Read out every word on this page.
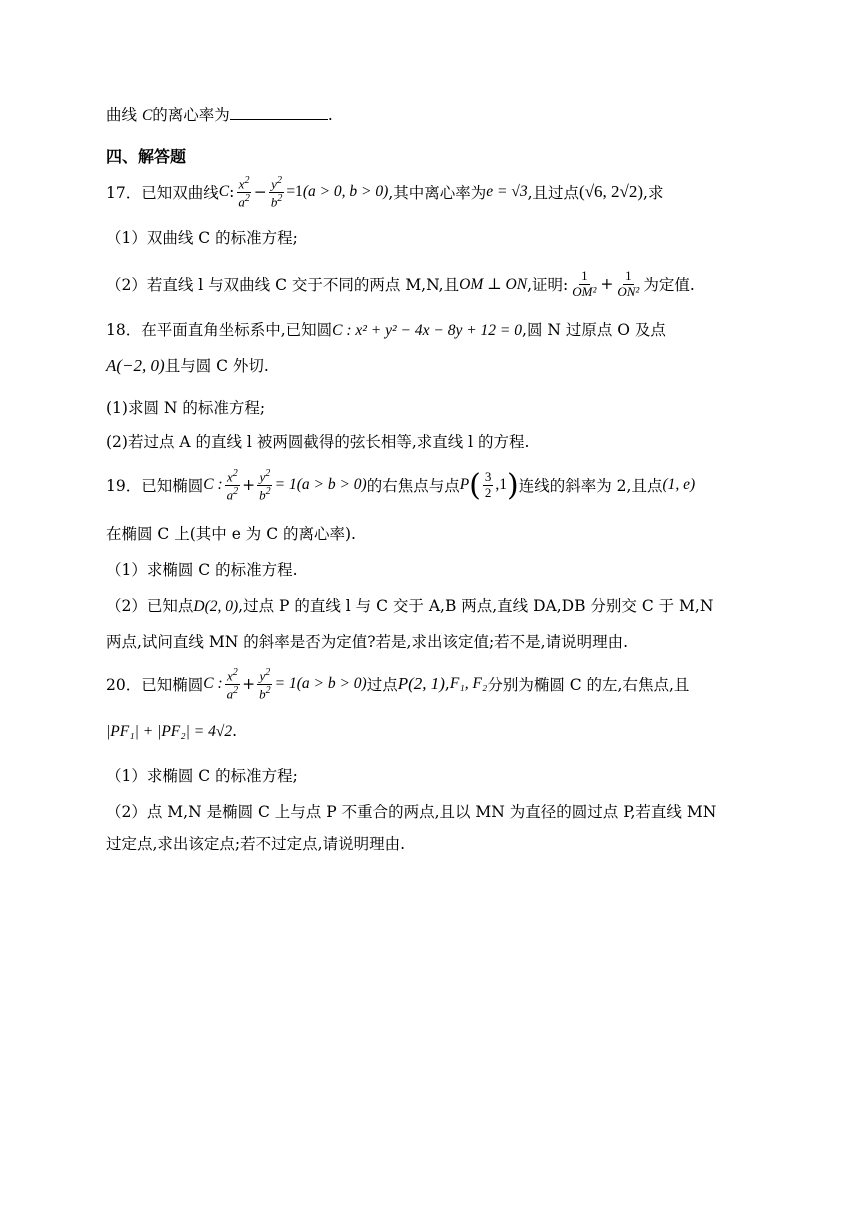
曲线 C的离心率为	.
四、解答题
17．已知双曲线 C : $\frac{x^2}{a^2} - \frac{y^2}{b^2} =1$ (a > 0, b > 0) ,其中离心率为 e = √3 ,且过点 (√6, 2√2) ,求
（1）双曲线 C 的标准方程;
（2）若直线 l 与双曲线 C 交于不同的两点 M,N,且 OM ⊥ ON ,证明: $\frac{1}{\text{OM²}} + \frac{1}{\text{ON²}}$ 为定值.
18．在平面直角坐标系中,已知圆C : x² + y² − 4x − 8y + 12 = 0,圆 N 过原点 O 及点
A(−2, 0)且与圆 C 外切.
(1)求圆 N 的标准方程;
(2)若过点 A 的直线 l 被两圆截得的弦长相等,求直线 l 的方程.
19．已知椭圆 C : $\frac{x^2}{a^2} + \frac{y^2}{b^2} = 1(a > b > 0)$ 的右焦点与点 P ( $\frac{3}{2} ,1$ ) 连线的斜率为 2,且点 (1, e)
在椭圆 C 上(其中 e 为 C 的离心率).
（1）求椭圆 C 的标准方程.
（2）已知点D(2, 0),过点 P 的直线 l 与 C 交于 A,B 两点,直线 DA,DB 分别交 C 于 M,N
两点,试问直线 MN 的斜率是否为定值?若是,求出该定值;若不是,请说明理由.
20．已知椭圆 C : $\frac{x^2}{a^2} + \frac{y^2}{b^2} = 1(a > b > 0)$ 过点 P(2, 1) , F₁, F₂ 分别为椭圆 C 的左,右焦点,且
|PF₁| + |PF₂| = 4√2.
（1）求椭圆 C 的标准方程;
（2）点 M,N 是椭圆 C 上与点 P 不重合的两点,且以 MN 为直径的圆过点 P,若直线 MN
过定点,求出该定点;若不过定点,请说明理由.
